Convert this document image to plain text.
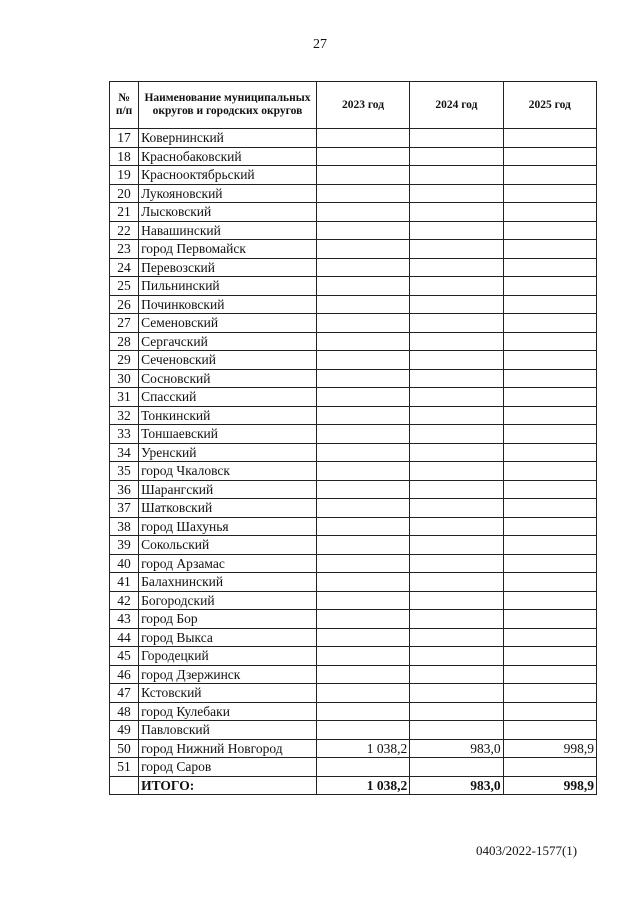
27
№ п/п	Наименование муниципальных округов и городских округов	2023 год	2024 год	2025 год
17	Ковернинский			
18	Краснобаковский			
19	Краснооктябрьский			
20	Лукояновский			
21	Лысковский			
22	Навашинский			
23	город Первомайск			
24	Перевозский			
25	Пильнинский			
26	Починковский			
27	Семеновский			
28	Сергачский			
29	Сеченовский			
30	Сосновский			
31	Спасский			
32	Тонкинский			
33	Тоншаевский			
34	Уренский			
35	город Чкаловск			
36	Шарангский			
37	Шатковский			
38	город Шахунья			
39	Сокольский			
40	город Арзамас			
41	Балахнинский			
42	Богородский			
43	город Бор			
44	город Выкса			
45	Городецкий			
46	город Дзержинск			
47	Кстовский			
48	город Кулебаки			
49	Павловский			
50	город Нижний Новгород	1 038,2	983,0	998,9
51	город Саров			
	ИТОГО:	1 038,2	983,0	998,9
0403/2022-1577(1)
